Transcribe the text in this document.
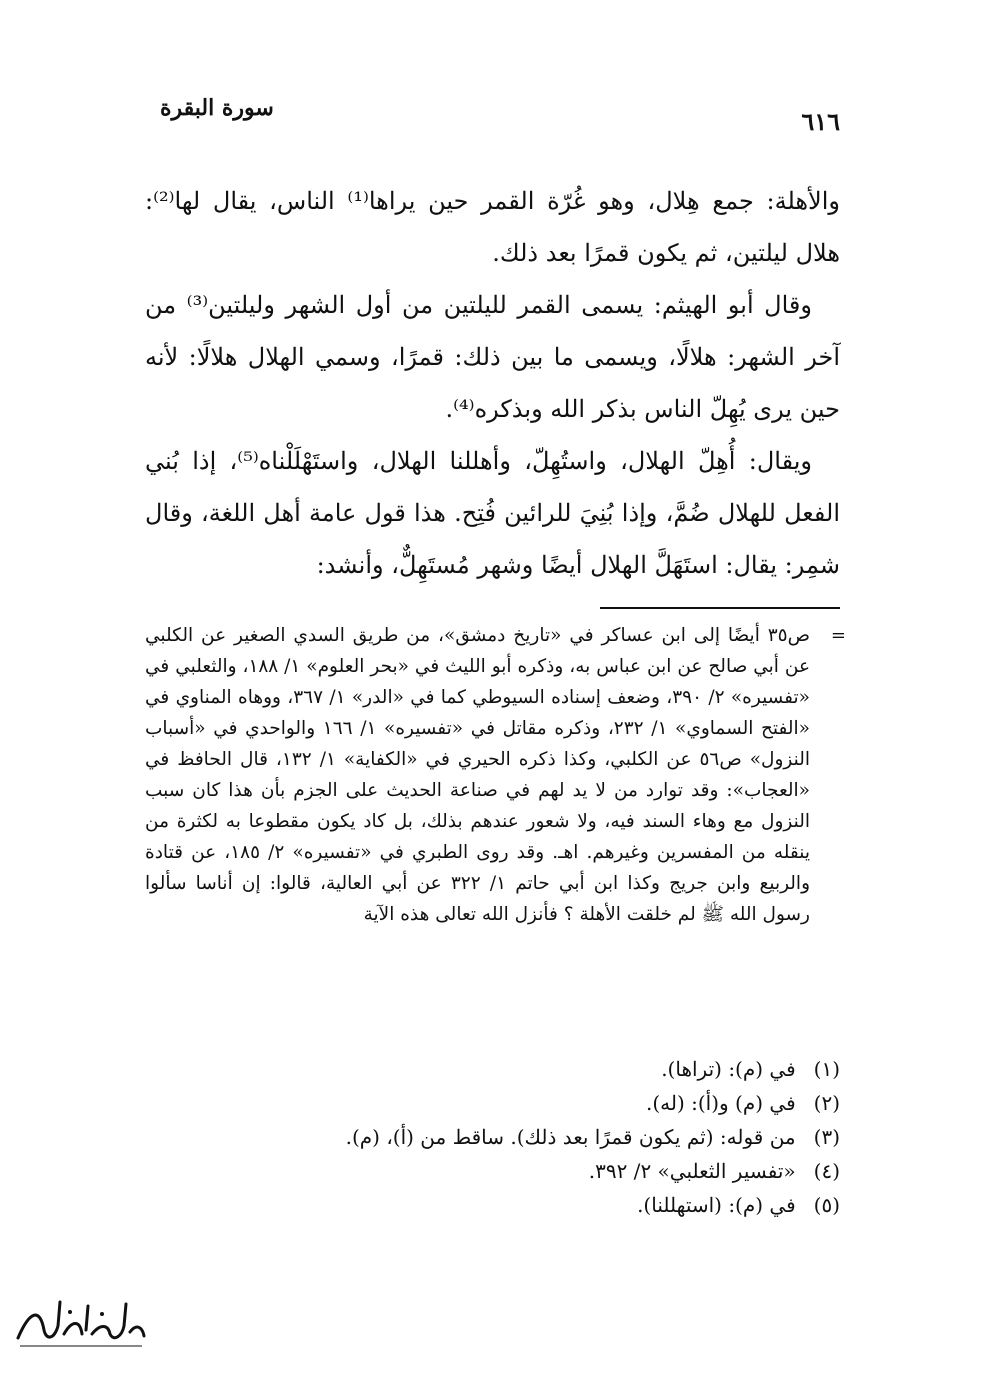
٦١٦
سورة البقرة

والأهلة: جمع هِلال، وهو غُرّة القمر حين يراها⁽¹⁾ الناس، يقال لها⁽²⁾: هلال ليلتين، ثم يكون قمرًا بعد ذلك.

وقال أبو الهيثم: يسمى القمر لليلتين من أول الشهر وليلتين⁽³⁾ من آخر الشهر: هلالًا، ويسمى ما بين ذلك: قمرًا، وسمي الهلال هلالًا: لأنه حين يرى يُهِلّ الناس بذكر الله وبذكره⁽⁴⁾.

ويقال: أُهِلّ الهلال، واستُهِلّ، وأهللنا الهلال، واستَهْلَلْناه⁽⁵⁾، إذا بُني الفعل للهلال ضُمَّ، وإذا بُنِيَ للرائين فُتِح. هذا قول عامة أهل اللغة، وقال شمِر: يقال: استَهَلَّ الهلال أيضًا وشهر مُستَهِلٌّ، وأنشد:

=
ص٣٥ أيضًا إلى ابن عساكر في «تاريخ دمشق»، من طريق السدي الصغير عن الكلبي عن أبي صالح عن ابن عباس به، وذكره أبو الليث في «بحر العلوم» ١/ ١٨٨، والثعلبي في «تفسيره» ٢/ ٣٩٠، وضعف إسناده السيوطي كما في «الدر» ١/ ٣٦٧، ووهاه المناوي في «الفتح السماوي» ١/ ٢٣٢، وذكره مقاتل في «تفسيره» ١/ ١٦٦ والواحدي في «أسباب النزول» ص٥٦ عن الكلبي، وكذا ذكره الحيري في «الكفاية» ١/ ١٣٢، قال الحافظ في «العجاب»: وقد توارد من لا يد لهم في صناعة الحديث على الجزم بأن هذا كان سبب النزول مع وهاء السند فيه، ولا شعور عندهم بذلك، بل كاد يكون مقطوعا به لكثرة من ينقله من المفسرين وغيرهم. اهـ. وقد روى الطبري في «تفسيره» ٢/ ١٨٥، عن قتادة والربيع وابن جريج وكذا ابن أبي حاتم ١/ ٣٢٢ عن أبي العالية، قالوا: إن أناسا سألوا رسول الله ﷺ لم خلقت الأهلة ؟ فأنزل الله تعالى هذه الآية
(١) في (م): (تراها).
(٢) في (م) و(أ): (له).
(٣) من قوله: (ثم يكون قمرًا بعد ذلك). ساقط من (أ)، (م).
(٤) «تفسير الثعلبي» ٢/ ٣٩٢.
(٥) في (م): (استهللنا).
